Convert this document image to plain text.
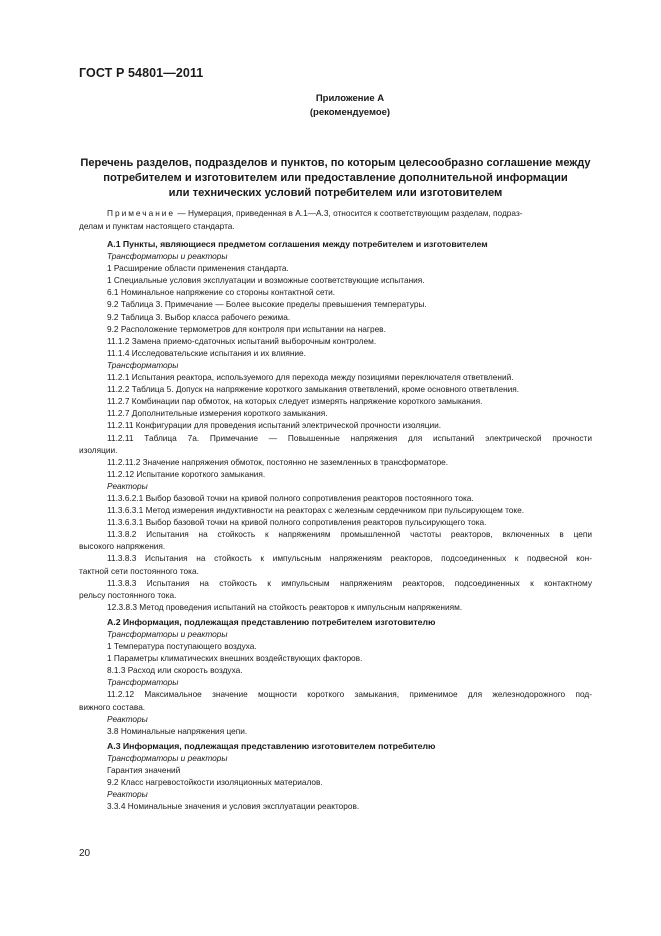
ГОСТ Р 54801—2011
Приложение А
(рекомендуемое)
Перечень разделов, подразделов и пунктов, по которым целесообразно соглашение между
потребителем и изготовителем или предоставление дополнительной информации
или технических условий потребителем или изготовителем
Примечание — Нумерация, приведенная в А.1—А.3, относится к соответствующим разделам, подраз-
делам и пунктам настоящего стандарта.
А.1 Пункты, являющиеся предметом соглашения между потребителем и изготовителем
Трансформаторы и реакторы
1 Расширение области применения стандарта.
1 Специальные условия эксплуатации и возможные соответствующие испытания.
6.1 Номинальное напряжение со стороны контактной сети.
9.2 Таблица 3. Примечание — Более высокие пределы превышения температуры.
9.2 Таблица 3. Выбор класса рабочего режима.
9.2 Расположение термометров для контроля при испытании на нагрев.
11.1.2 Замена приемо-сдаточных испытаний выборочным контролем.
11.1.4 Исследовательские испытания и их влияние.
Трансформаторы
11.2.1 Испытания реактора, используемого для перехода между позициями переключателя ответвлений.
11.2.2 Таблица 5. Допуск на напряжение короткого замыкания ответвлений, кроме основного ответвления.
11.2.7 Комбинации пар обмоток, на которых следует измерять напряжение короткого замыкания.
11.2.7 Дополнительные измерения короткого замыкания.
11.2.11 Конфигурации для проведения испытаний электрической прочности изоляции.
11.2.11 Таблица 7а. Примечание — Повышенные напряжения для испытаний электрической прочности
изоляции.
11.2.11.2 Значение напряжения обмоток, постоянно не заземленных в трансформаторе.
11.2.12 Испытание короткого замыкания.
Реакторы
11.3.6.2.1 Выбор базовой точки на кривой полного сопротивления реакторов постоянного тока.
11.3.6.3.1 Метод измерения индуктивности на реакторах с железным сердечником при пульсирующем токе.
11.3.6.3.1 Выбор базовой точки на кривой полного сопротивления реакторов пульсирующего тока.
11.3.8.2 Испытания на стойкость к напряжениям промышленной частоты реакторов, включенных в цепи
высокого напряжения.
11.3.8.3 Испытания на стойкость к импульсным напряжениям реакторов, подсоединенных к подвесной кон-
тактной сети постоянного тока.
11.3.8.3 Испытания на стойкость к импульсным напряжениям реакторов, подсоединенных к контактному
рельсу постоянного тока.
12.3.8.3 Метод проведения испытаний на стойкость реакторов к импульсным напряжениям.
А.2 Информация, подлежащая представлению потребителем изготовителю
Трансформаторы и реакторы
1 Температура поступающего воздуха.
1 Параметры климатических внешних воздействующих факторов.
8.1.3 Расход или скорость воздуха.
Трансформаторы
11.2.12 Максимальное значение мощности короткого замыкания, применимое для железнодорожного под-
вижного состава.
Реакторы
3.8 Номинальные напряжения цепи.
А.3 Информация, подлежащая представлению изготовителем потребителю
Трансформаторы и реакторы
Гарантия значений
9.2 Класс нагревостойкости изоляционных материалов.
Реакторы
3.3.4 Номинальные значения и условия эксплуатации реакторов.
20
